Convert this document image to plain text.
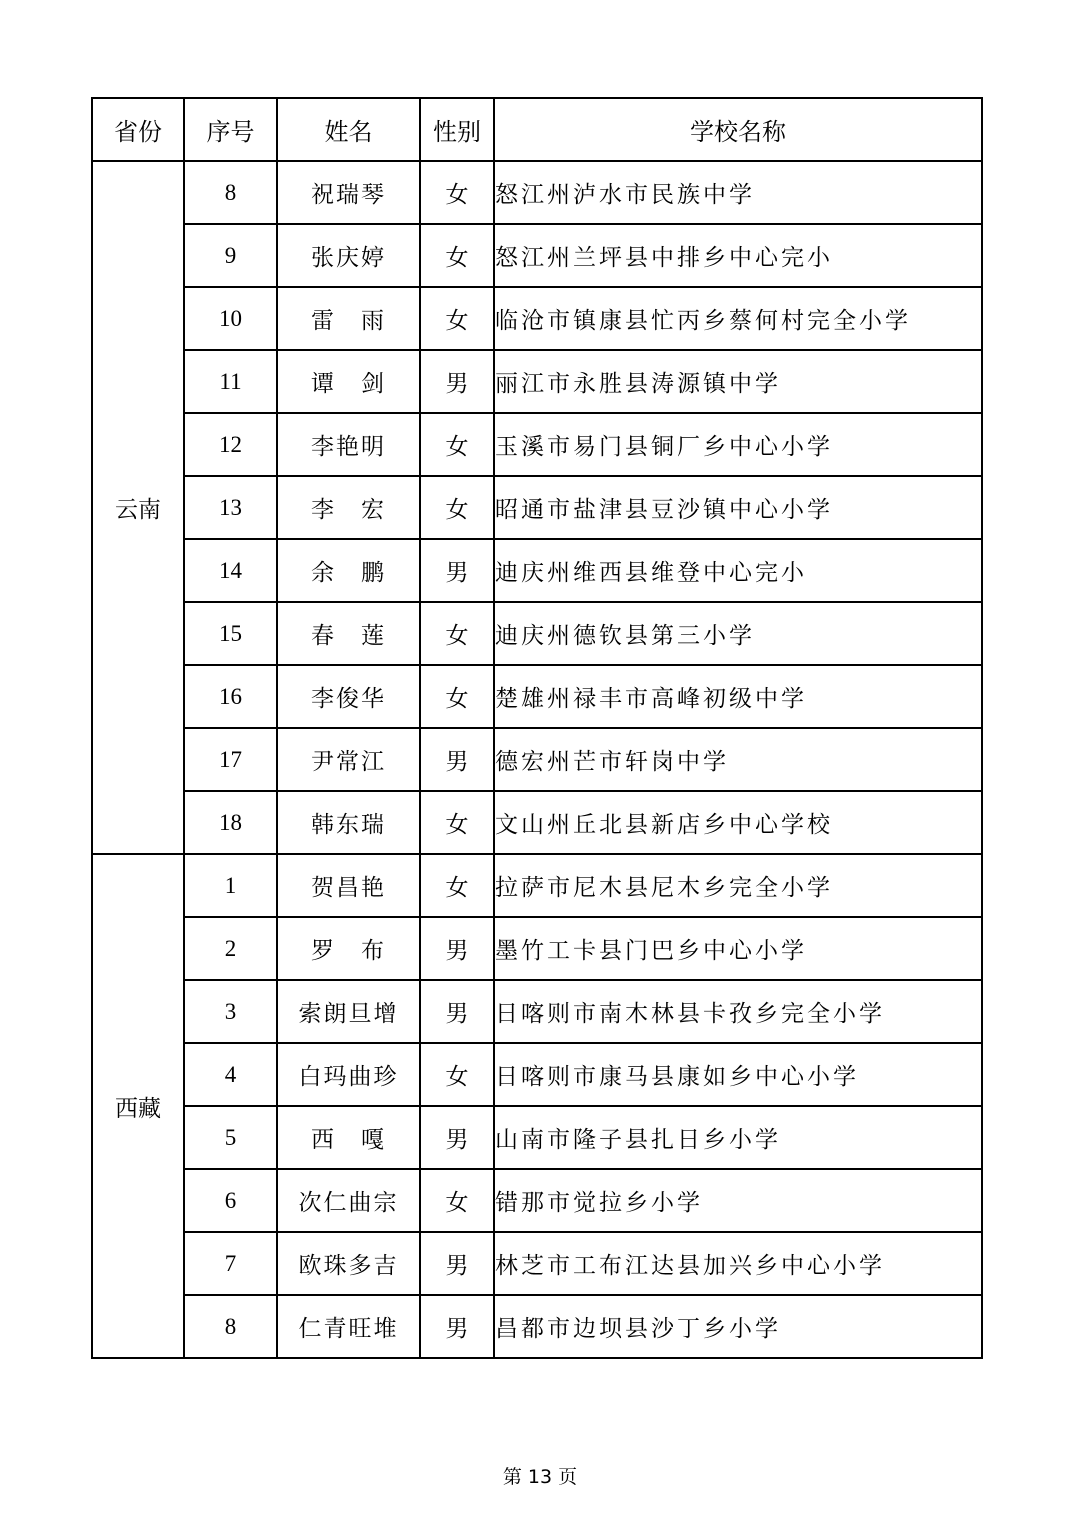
省份	序号	姓名	性别	学校名称
云南	8	祝瑞琴	女	怒江州泸水市民族中学
	9	张庆婷	女	怒江州兰坪县中排乡中心完小
	10	雷　雨	女	临沧市镇康县忙丙乡蔡何村完全小学
	11	谭　剑	男	丽江市永胜县涛源镇中学
	12	李艳明	女	玉溪市易门县铜厂乡中心小学
	13	李　宏	女	昭通市盐津县豆沙镇中心小学
	14	余　鹏	男	迪庆州维西县维登中心完小
	15	春　莲	女	迪庆州德钦县第三小学
	16	李俊华	女	楚雄州禄丰市高峰初级中学
	17	尹常江	男	德宏州芒市轩岗中学
	18	韩东瑞	女	文山州丘北县新店乡中心学校
西藏	1	贺昌艳	女	拉萨市尼木县尼木乡完全小学
	2	罗　布	男	墨竹工卡县门巴乡中心小学
	3	索朗旦增	男	日喀则市南木林县卡孜乡完全小学
	4	白玛曲珍	女	日喀则市康马县康如乡中心小学
	5	西　嘎	男	山南市隆子县扎日乡小学
	6	次仁曲宗	女	错那市觉拉乡小学
	7	欧珠多吉	男	林芝市工布江达县加兴乡中心小学
	8	仁青旺堆	男	昌都市边坝县沙丁乡小学
第 13 页
